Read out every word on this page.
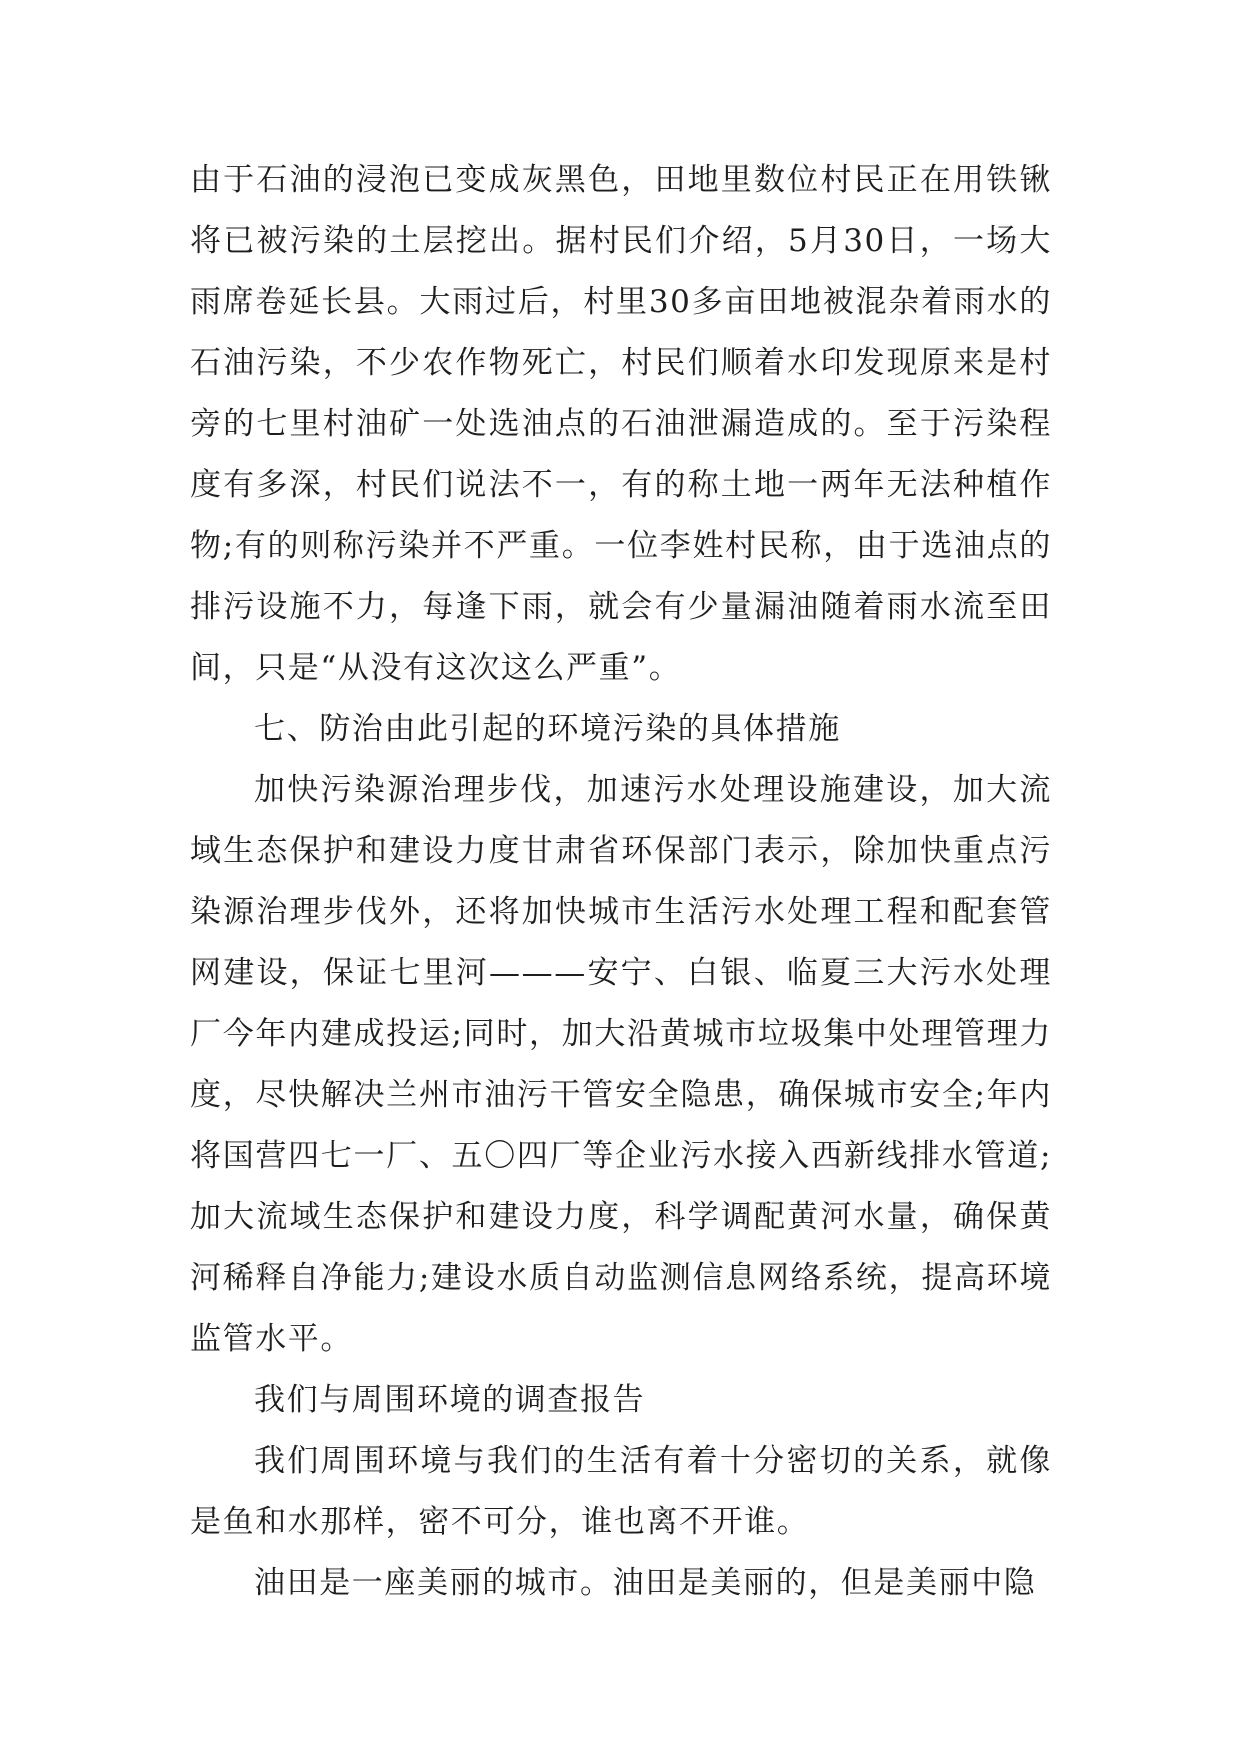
由于石油的浸泡已变成灰黑色，田地里数位村民正在用铁锹将已被污染的土层挖出。据村民们介绍，5月30日，一场大雨席卷延长县。大雨过后，村里30多亩田地被混杂着雨水的石油污染，不少农作物死亡，村民们顺着水印发现原来是村旁的七里村油矿一处选油点的石油泄漏造成的。至于污染程度有多深，村民们说法不一，有的称土地一两年无法种植作物;有的则称污染并不严重。一位李姓村民称，由于选油点的排污设施不力，每逢下雨，就会有少量漏油随着雨水流至田间，只是“从没有这次这么严重”。

七、防治由此引起的环境污染的具体措施

加快污染源治理步伐，加速污水处理设施建设，加大流域生态保护和建设力度甘肃省环保部门表示，除加快重点污染源治理步伐外，还将加快城市生活污水处理工程和配套管网建设，保证七里河———安宁、白银、临夏三大污水处理厂今年内建成投运;同时，加大沿黄城市垃圾集中处理管理力度，尽快解决兰州市油污干管安全隐患，确保城市安全;年内将国营四七一厂、五〇四厂等企业污水接入西新线排水管道;加大流域生态保护和建设力度，科学调配黄河水量，确保黄河稀释自净能力;建设水质自动监测信息网络系统，提高环境监管水平。

我们与周围环境的调查报告

我们周围环境与我们的生活有着十分密切的关系，就像是鱼和水那样，密不可分，谁也离不开谁。

油田是一座美丽的城市。油田是美丽的，但是美丽中隐
